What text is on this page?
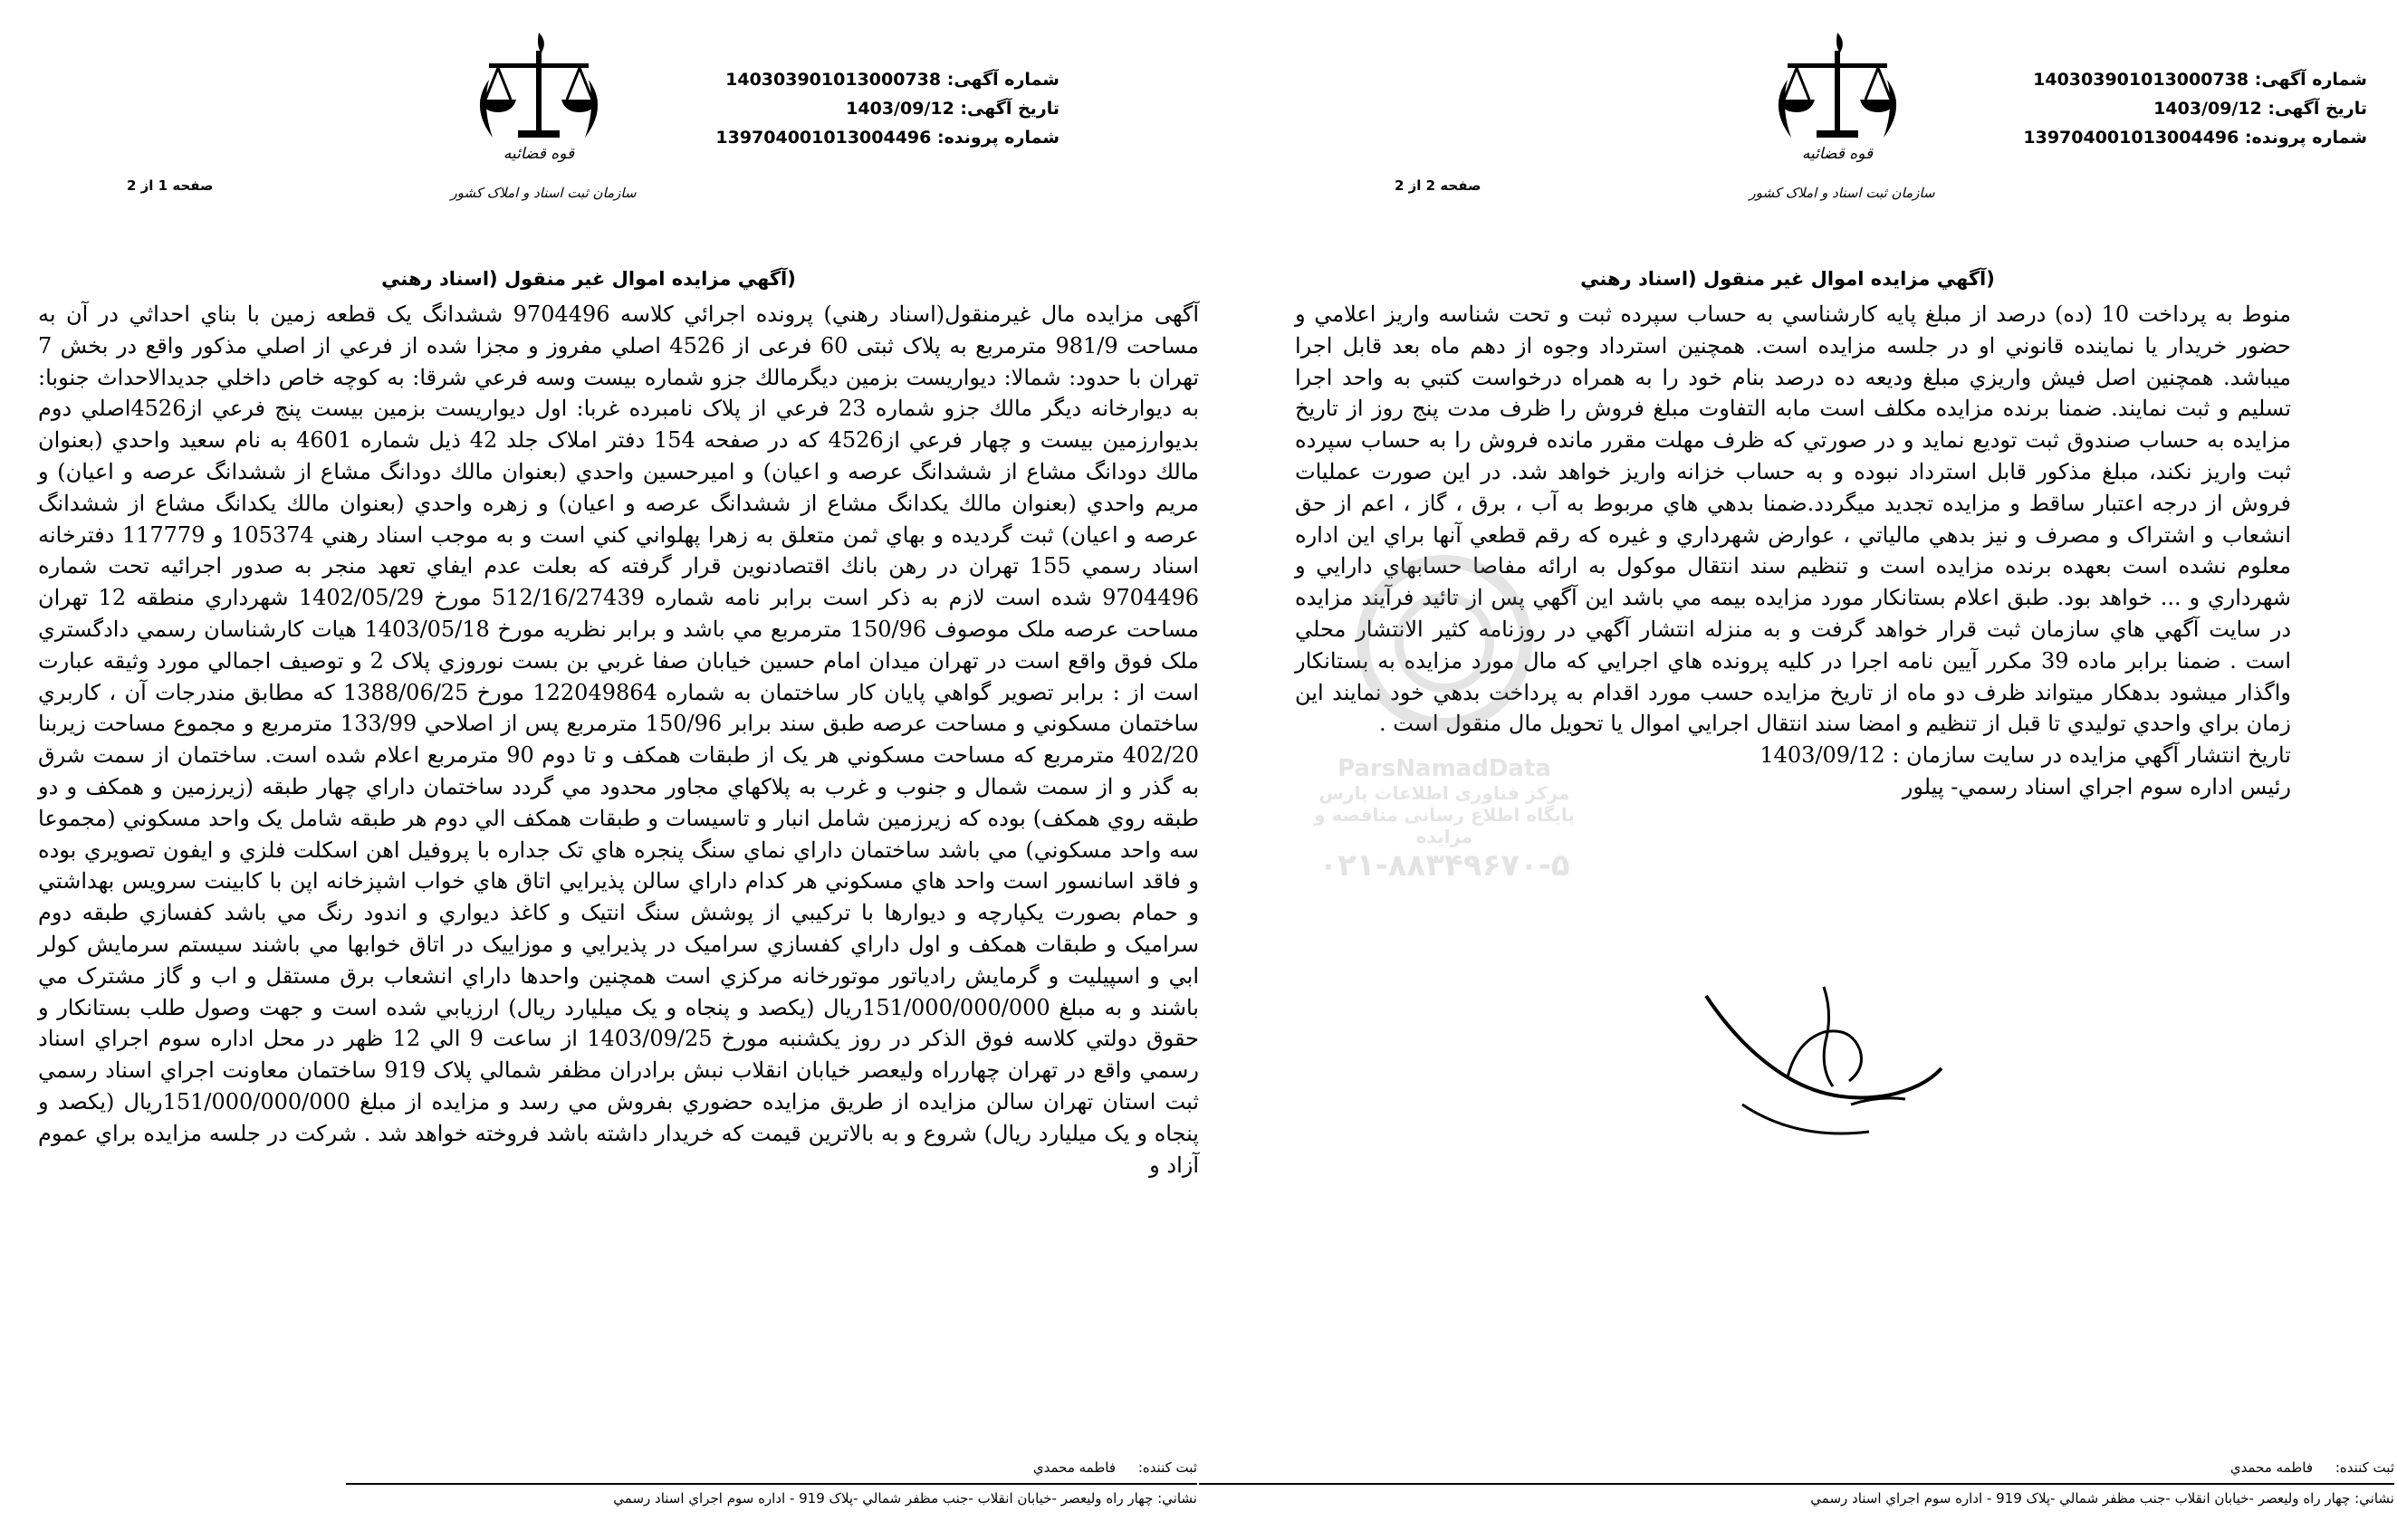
قوه قضائیه
سازمان ثبت اسناد و املاک کشور
شماره آگهی: 140303901013000738
تاریخ آگهی: 1403/09/12
شماره پرونده: 139704001013004496
صفحه 1 از 2
(آگهي مزايده اموال غير منقول (اسناد رهني

آگهی مزايده مال غيرمنقول(اسناد رهني) پرونده اجرائي كلاسه 9704496 ششدانگ يک قطعه زمين با بناي احداثي در آن به مساحت 981/9 مترمربع به پلاک ثبتی 60 فرعی از 4526 اصلي مفروز و مجزا شده از فرعي از اصلي مذكور واقع در بخش 7 تهران با حدود: شمالا: ديواريست بزمين ديگرمالك جزو شماره بيست وسه فرعي شرقا: به كوچه خاص داخلي جديدالاحداث جنوبا: به ديوارخانه ديگر مالك جزو شماره 23 فرعي از پلاک نامبرده غربا: اول ديواريست بزمين بيست پنج فرعي از4526اصلي دوم بديوارزمين بيست و چهار فرعي از4526 كه در صفحه 154 دفتر املاک جلد 42 ذيل شماره 4601 به نام سعيد واحدي (بعنوان مالك دودانگ مشاع از ششدانگ عرصه و اعيان) و اميرحسين واحدي (بعنوان مالك دودانگ مشاع از ششدانگ عرصه و اعيان) و مريم واحدي (بعنوان مالك يكدانگ مشاع از ششدانگ عرصه و اعيان) و زهره واحدي (بعنوان مالك يكدانگ مشاع از ششدانگ عرصه و اعيان) ثبت گرديده و بهاي ثمن متعلق به زهرا پهلواني كني است و به موجب اسناد رهني 105374 و 117779 دفترخانه اسناد رسمي 155 تهران در رهن بانك اقتصادنوين قرار گرفته كه بعلت عدم ايفاي تعهد منجر به صدور اجرائيه تحت شماره 9704496 شده است لازم به ذكر است برابر نامه شماره 512/16/27439 مورخ 1402/05/29 شهرداري منطقه 12 تهران مساحت عرصه ملک موصوف 150/96 مترمربع مي باشد و برابر نظريه مورخ 1403/05/18 هيات كارشناسان رسمي دادگستري ملک فوق واقع است در تهران ميدان امام حسين خيابان صفا غربي بن بست نوروزي پلاک 2 و توصيف اجمالي مورد وثيقه عبارت است از : برابر تصوير گواهي پايان كار ساختمان به شماره 122049864 مورخ 1388/06/25 كه مطابق مندرجات آن ، كاربري ساختمان مسكوني و مساحت عرصه طبق سند برابر 150/96 مترمربع پس از اصلاحي 133/99 مترمربع و مجموع مساحت زيربنا 402/20 مترمربع كه مساحت مسكوني هر يک از طبقات همكف و تا دوم 90 مترمربع اعلام شده است. ساختمان از سمت شرق به گذر و از سمت شمال و جنوب و غرب به پلاكهاي مجاور محدود مي گردد ساختمان داراي چهار طبقه (زيرزمين و همكف و دو طبقه روي همكف) بوده كه زيرزمين شامل انبار و تاسيسات و طبقات همكف الي دوم هر طبقه شامل يک واحد مسكوني (مجموعا سه واحد مسكوني) مي باشد ساختمان داراي نماي سنگ پنجره هاي تک جداره با پروفيل اهن اسكلت فلزي و ايفون تصويري بوده و فاقد اسانسور است واحد هاي مسكوني هر كدام داراي سالن پذيرايي اتاق هاي خواب اشپزخانه اپن با كابينت سرويس بهداشتي و حمام بصورت يكپارچه و ديوارها با تركيبي از پوشش سنگ انتيک و كاغذ ديواري و اندود رنگ مي باشد كفسازي طبقه دوم سراميک و طبقات همكف و اول داراي كفسازي سراميک در پذيرايي و موزاييک در اتاق خوابها مي باشند سيستم سرمايش كولر ابي و اسپيليت و گرمايش رادياتور موتورخانه مركزي است همچنين واحدها داراي انشعاب برق مستقل و اب و گاز مشترک مي باشند و به مبلغ 151/000/000/000ريال (يكصد و پنجاه و يک ميليارد ريال) ارزيابي شده است و جهت وصول طلب بستانكار و حقوق دولتي كلاسه فوق الذكر در روز يكشنبه مورخ 1403/09/25 از ساعت 9 الي 12 ظهر در محل اداره سوم اجراي اسناد رسمي واقع در تهران چهارراه وليعصر خيابان انقلاب نبش برادران مظفر شمالي پلاک 919 ساختمان معاونت اجراي اسناد رسمي ثبت استان تهران سالن مزايده از طريق مزايده حضوري بفروش مي رسد و مزايده از مبلغ 151/000/000/000ريال (يكصد و پنجاه و يک ميليارد ريال) شروع و به بالاترين قيمت كه خريدار داشته باشد فروخته خواهد شد . شركت در جلسه مزايده براي عموم آزاد و

ثبت کننده: فاطمه محمدي
نشاني: چهار راه وليعصر -خيابان انقلاب -جنب مظفر شمالي -پلاک 919 - اداره سوم اجراي اسناد رسمي
قوه قضائیه
سازمان ثبت اسناد و املاک کشور
شماره آگهی: 140303901013000738
تاریخ آگهی: 1403/09/12
شماره پرونده: 139704001013004496
صفحه 2 از 2
(آگهي مزايده اموال غير منقول (اسناد رهني

منوط به پرداخت 10 (ده) درصد از مبلغ پايه كارشناسي به حساب سپرده ثبت و تحت شناسه واريز اعلامي و حضور خريدار يا نماينده قانوني او در جلسه مزايده است. همچنين استرداد وجوه از دهم ماه بعد قابل اجرا ميباشد. همچنين اصل فيش واريزي مبلغ وديعه ده درصد بنام خود را به همراه درخواست كتبي به واحد اجرا تسليم و ثبت نمايند. ضمنا برنده مزايده مكلف است مابه التفاوت مبلغ فروش را ظرف مدت پنج روز از تاريخ مزايده به حساب صندوق ثبت توديع نمايد و در صورتي كه ظرف مهلت مقرر مانده فروش را به حساب سپرده ثبت واريز نكند، مبلغ مذكور قابل استرداد نبوده و به حساب خزانه واريز خواهد شد. در اين صورت عمليات فروش از درجه اعتبار ساقط و مزايده تجديد ميگردد.ضمنا بدهي هاي مربوط به آب ، برق ، گاز ، اعم از حق انشعاب و اشتراک و مصرف و نيز بدهي مالياتي ، عوارض شهرداري و غيره كه رقم قطعي آنها براي اين اداره معلوم نشده است بعهده برنده مزايده است و تنظيم سند انتقال موكول به ارائه مفاصا حسابهاي دارايي و شهرداري و ... خواهد بود. طبق اعلام بستانكار مورد مزايده بيمه مي باشد اين آگهي پس از تائيد فرآيند مزايده در سايت آگهي هاي سازمان ثبت قرار خواهد گرفت و به منزله انتشار آگهي در روزنامه كثير الانتشار محلي است . ضمنا برابر ماده 39 مكرر آيين نامه اجرا در كليه پرونده هاي اجرايي كه مال مورد مزايده به بستانكار واگذار ميشود بدهكار ميتواند ظرف دو ماه از تاريخ مزايده حسب مورد اقدام به پرداخت بدهي خود نمايند اين زمان براي واحدي توليدي تا قبل از تنظيم و امضا سند انتقال اجرايي اموال يا تحويل مال منقول است .

تاريخ انتشار آگهي مزايده در سايت سازمان : 1403/09/12

رئيس اداره سوم اجراي اسناد رسمي- پيلور

ثبت کننده: فاطمه محمدي
نشاني: چهار راه وليعصر -خيابان انقلاب -جنب مظفر شمالي -پلاک 919 - اداره سوم اجراي اسناد رسمي
ParsNamadData
مرکز فناوری اطلاعات پارس
پایگاه اطلاع رسانی مناقصه و مزایده
۰۲۱-۸۸۳۴۹۶۷۰-۵
